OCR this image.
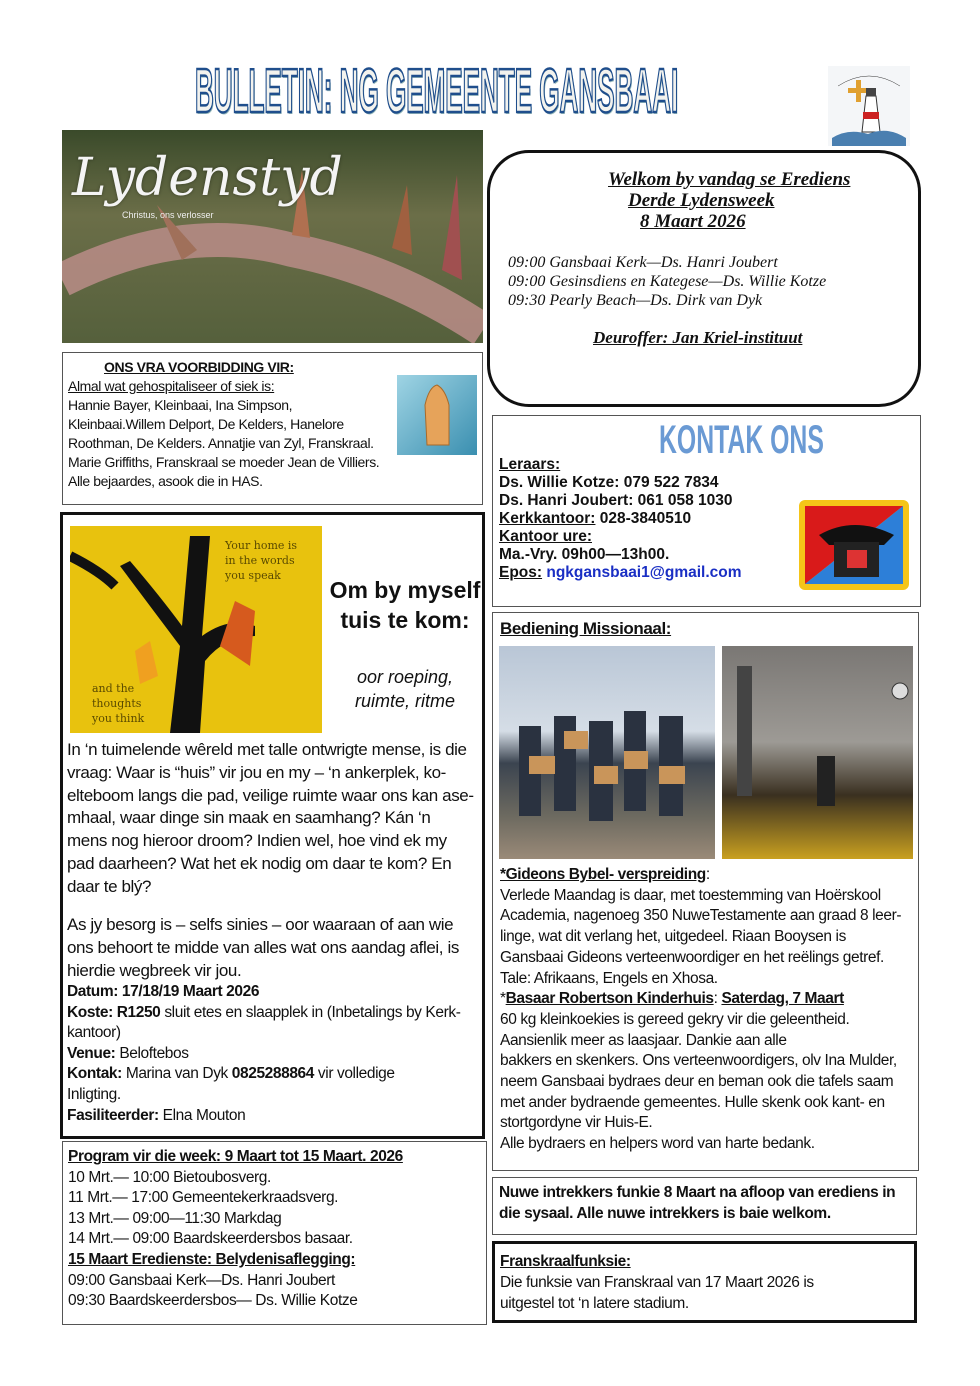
BULLETIN: NG GEMEENTE GANSBAAI
Lydenstyd
Christus, ons verlosser
Welkom by vandag se Erediens
Derde Lydensweek
8 Maart 2026
09:00 Gansbaai Kerk—Ds. Hanri Joubert
09:00 Gesinsdiens en Kategese—Ds. Willie Kotze
09:30 Pearly Beach—Ds. Dirk van Dyk
Deuroffer: Jan Kriel-instituut
ONS VRA VOORBIDDING VIR:
Almal wat gehospitaliseer of siek is:
Hannie Bayer, Kleinbaai, Ina Simpson,
Kleinbaai.Willem Delport, De Kelders, Hanelore
Roothman, De Kelders. Annatjie van Zyl, Franskraal.
Marie Griffiths, Franskraal se moeder Jean de Villiers.
Alle bejaardes, asook die in HAS.
KONTAK ONS
Leraars:
Ds. Willie Kotze: 079 522 7834
Ds. Hanri Joubert: 061 058 1030
Kerkkantoor: 028-3840510
Kantoor ure:
Ma.-Vry. 09h00—13h00.
Epos: ngkgansbaai1@gmail.com
Your home is
in the words
you speak
and the
thoughts
you think
Om by myself
tuis te kom:
oor roeping,
ruimte, ritme
In ‘n tuimelende wêreld met talle ontwrigte mense, is die
vraag: Waar is “huis” vir jou en my – ‘n ankerplek, ko-
elteboom langs die pad, veilige ruimte waar ons kan ase-
mhaal, waar dinge sin maak en saamhang? Kán ‘n
mens nog hieroor droom? Indien wel, hoe vind ek my
pad daarheen? Wat het ek nodig om daar te kom? En
daar te blý?
As jy besorg is – selfs sinies – oor waaraan of aan wie
ons behoort te midde van alles wat ons aandag aflei, is
hierdie wegbreek vir jou.
Datum: 17/18/19 Maart 2026
Koste: R1250 sluit etes en slaapplek in (Inbetalings by Kerk-
kantoor)
Venue: Beloftebos
Kontak: Marina van Dyk 0825288864 vir volledige
Inligting.
Fasiliteerder: Elna Mouton
Bediening Missionaal:
*Gideons Bybel- verspreiding:
Verlede Maandag is daar, met toestemming van Hoërskool
Academia, nagenoeg 350 NuweTestamente aan graad 8 leer-
linge, wat dit verlang het, uitgedeel. Riaan Booysen is
Gansbaai Gideons verteenwoordiger en het reëlings getref.
Tale: Afrikaans, Engels en Xhosa.
*Basaar Robertson Kinderhuis: Saterdag, 7 Maart
60 kg kleinkoekies is gereed gekry vir die geleentheid.
Aansienlik meer as laasjaar. Dankie aan alle
bakkers en skenkers. Ons verteenwoordigers, olv Ina Mulder,
neem Gansbaai bydraes deur en beman ook die tafels saam
met ander bydraende gemeentes. Hulle skenk ook kant- en
stortgordyne vir Huis-E.
Alle bydraers en helpers word van harte bedank.
Program vir die week: 9 Maart tot 15 Maart. 2026
10 Mrt.— 10:00 Bietoubosverg.
11 Mrt.— 17:00 Gemeentekerkraadsverg.
13 Mrt.— 09:00—11:30 Markdag
14 Mrt.— 09:00 Baardskeerdersbos basaar.
15 Maart Eredienste: Belydenisaflegging:
09:00 Gansbaai Kerk—Ds. Hanri Joubert
09:30 Baardskeerdersbos— Ds. Willie Kotze
Nuwe intrekkers funkie 8 Maart na afloop van erediens in
die sysaal. Alle nuwe intrekkers is baie welkom.
Franskraalfunksie:
Die funksie van Franskraal van 17 Maart 2026 is
uitgestel tot ‘n latere stadium.
